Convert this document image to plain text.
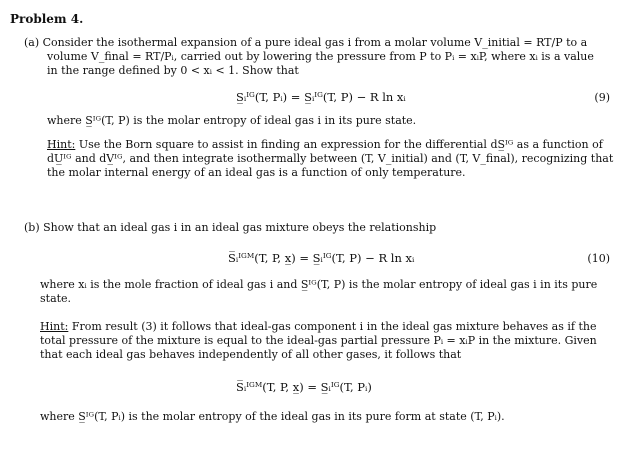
Problem 4.
(a) Consider the isothermal expansion of a pure ideal gas i from a molar volume V_initial = RT/P to a
volume V_final = RT/Pᵢ, carried out by lowering the pressure from P to Pᵢ = xᵢP, where xᵢ is a value
in the range defined by 0 < xᵢ < 1. Show that
S̲ᵢᴵᴳ(T, Pᵢ) = S̲ᵢᴵᴳ(T, P) − R ln xᵢ	(9)
where S̲ᴵᴳ(T, P) is the molar entropy of ideal gas i in its pure state.
Hint: Use the Born square to assist in finding an expression for the differential dS̲ᴵᴳ as a function of
dU̲ᴵᴳ and dV̲ᴵᴳ, and then integrate isothermally between (T, V_initial) and (T, V_final), recognizing that
the molar internal energy of an ideal gas is a function of only temperature.
(b) Show that an ideal gas i in an ideal gas mixture obeys the relationship
S̅ᵢᴵᴳᴹ(T, P, x̲) = S̲ᵢᴵᴳ(T, P) − R ln xᵢ	(10)
where xᵢ is the mole fraction of ideal gas i and S̲ᴵᴳ(T, P) is the molar entropy of ideal gas i in its pure
state.
Hint: From result (3) it follows that ideal-gas component i in the ideal gas mixture behaves as if the
total pressure of the mixture is equal to the ideal-gas partial pressure Pᵢ = xᵢP in the mixture. Given
that each ideal gas behaves independently of all other gases, it follows that
S̅ᵢᴵᴳᴹ(T, P, x̲) = S̲ᵢᴵᴳ(T, Pᵢ)
where S̲ᴵᴳ(T, Pᵢ) is the molar entropy of the ideal gas in its pure form at state (T, Pᵢ).
